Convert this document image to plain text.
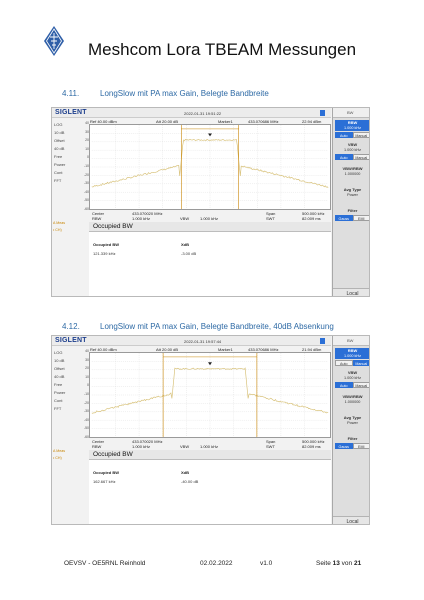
Meshcom Lora TBEAM Messungen
4.11.	LongSlow mit PA max Gain, Belegte Bandbreite
SIGLENT	2022-01-31 19:51:22
Ref 40.00 dBm	Att 20.00 dB	Marker1	433.070686 MHz	22.94 dBm
LOG
10 dB
Offset
40 dB
Free
Power
Cont
FFT
40
30
20
10
0
-10
-20
-30
-40
-50
-60
Center	433.070020 MHz
RBW	1.000 kHz	VBW	1.000 kHz
Span	500.000 kHz
SWT	82.009 ms
A Meas
• CH)	Occupied BW
Occupied BW	XdB
121.339 kHz	-3.00 dB
BW
RBW
1.000 kHz
Auto	Manual
VBW
1.000 kHz
Auto	Manual
VBW/RBW
1.000000
Avg Type
Power
Filter
Gauss	EMI
Local
4.12.	LongSlow mit PA max Gain, Belegte Bandbreite, 40dB Absenkung
SIGLENT	2022-01-31 19:57:44
Ref 40.00 dBm	Att 20.00 dB	Marker1	433.070686 MHz	21.94 dBm
LOG
10 dB
Offset
40 dB
Free
Power
Cont
FFT
40
30
20
10
0
-10
-20
-30
-40
-50
-60
Center	433.070020 MHz
RBW	1.000 kHz	VBW	1.000 kHz
Span	500.000 kHz
SWT	82.009 ms
A Meas
• CH)	Occupied BW
Occupied BW	XdB
162.667 kHz	-40.00 dB
BW
RBW
1.000 kHz
Auto	Manual
VBW
1.000 kHz
Auto	Manual
VBW/RBW
1.000000
Avg Type
Power
Filter
Gauss	EMI
Local
OEVSV - OE5RNL Reinhold	02.02.2022	v1.0	Seite 13 von 21
